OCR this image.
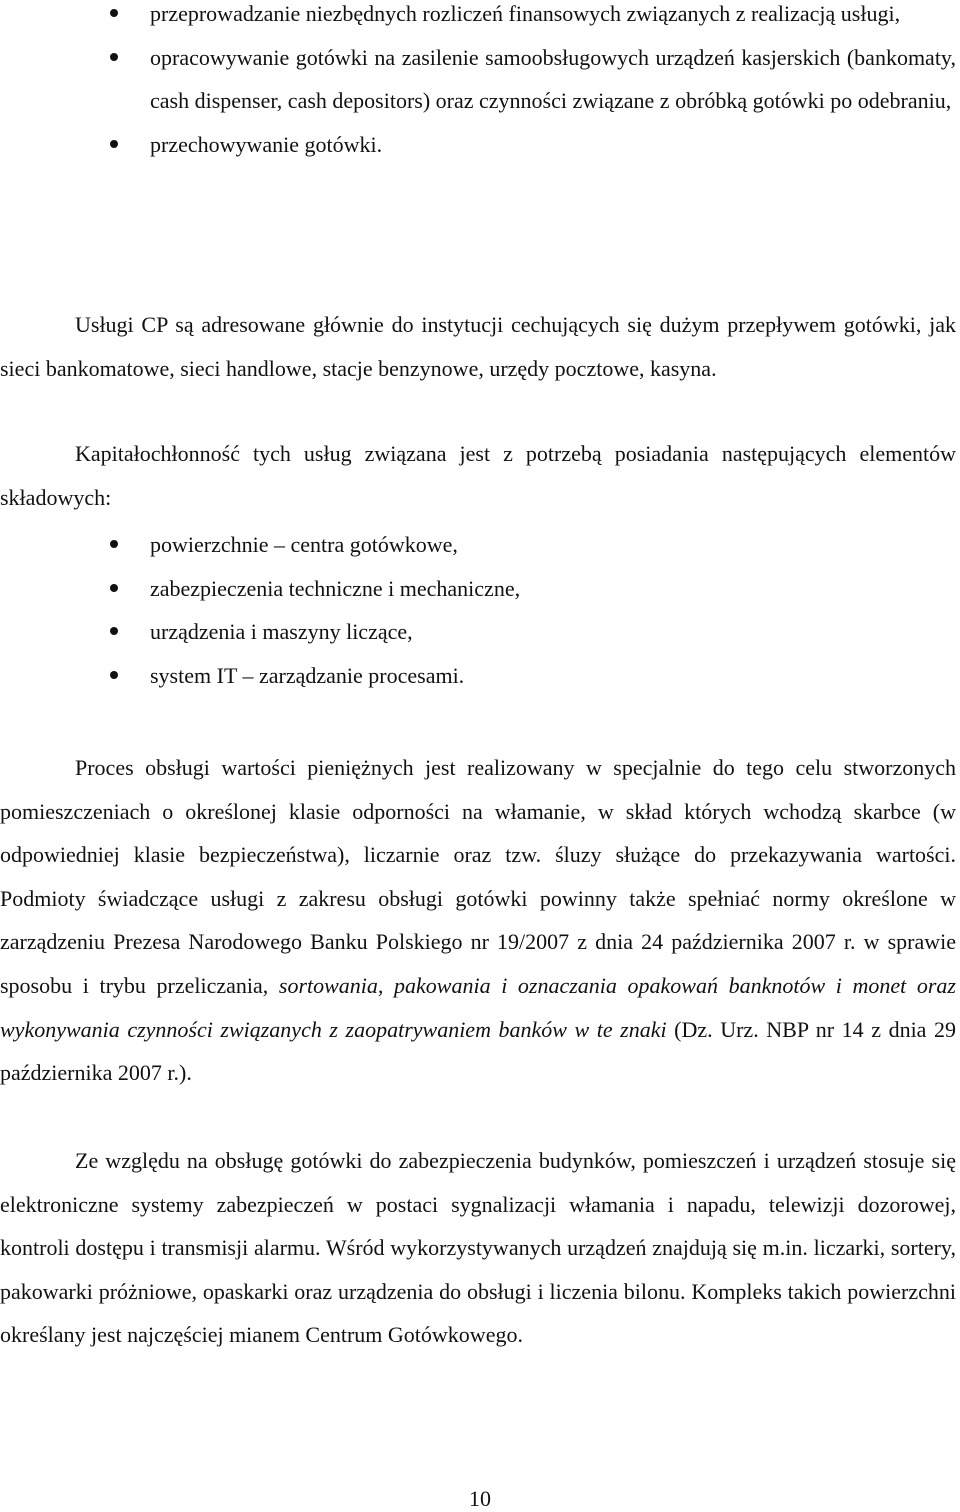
przeprowadzanie niezbędnych rozliczeń finansowych związanych z realizacją usługi,
opracowywanie gotówki na zasilenie samoobsługowych urządzeń kasjerskich (bankomaty, cash dispenser, cash depositors) oraz czynności związane z obróbką gotówki po odebraniu,
przechowywanie gotówki.

Usługi CP są adresowane głównie do instytucji cechujących się dużym przepływem gotówki, jak sieci bankomatowe, sieci handlowe, stacje benzynowe, urzędy pocztowe, kasyna.

Kapitałochłonność tych usług związana jest z potrzebą posiadania następujących elementów składowych:

powierzchnie – centra gotówkowe,
zabezpieczenia techniczne i mechaniczne,
urządzenia i maszyny liczące,
system IT – zarządzanie procesami.

Proces obsługi wartości pieniężnych jest realizowany w specjalnie do tego celu stworzonych pomieszczeniach o określonej klasie odporności na włamanie, w skład których wchodzą skarbce (w odpowiedniej klasie bezpieczeństwa), liczarnie oraz tzw. śluzy służące do przekazywania wartości. Podmioty świadczące usługi z zakresu obsługi gotówki powinny także spełniać normy określone w zarządzeniu Prezesa Narodowego Banku Polskiego nr 19/2007 z dnia 24 października 2007 r. w sprawie sposobu i trybu przeliczania, sortowania, pakowania i oznaczania opakowań banknotów i monet oraz wykonywania czynności związanych z zaopatrywaniem banków w te znaki (Dz. Urz. NBP nr 14 z dnia 29 października 2007 r.).

Ze względu na obsługę gotówki do zabezpieczenia budynków, pomieszczeń i urządzeń stosuje się elektroniczne systemy zabezpieczeń w postaci sygnalizacji włamania i napadu, telewizji dozorowej, kontroli dostępu i transmisji alarmu. Wśród wykorzystywanych urządzeń znajdują się m.in. liczarki, sortery, pakowarki próżniowe, opaskarki oraz urządzenia do obsługi i liczenia bilonu. Kompleks takich powierzchni określany jest najczęściej mianem Centrum Gotówkowego.

10
